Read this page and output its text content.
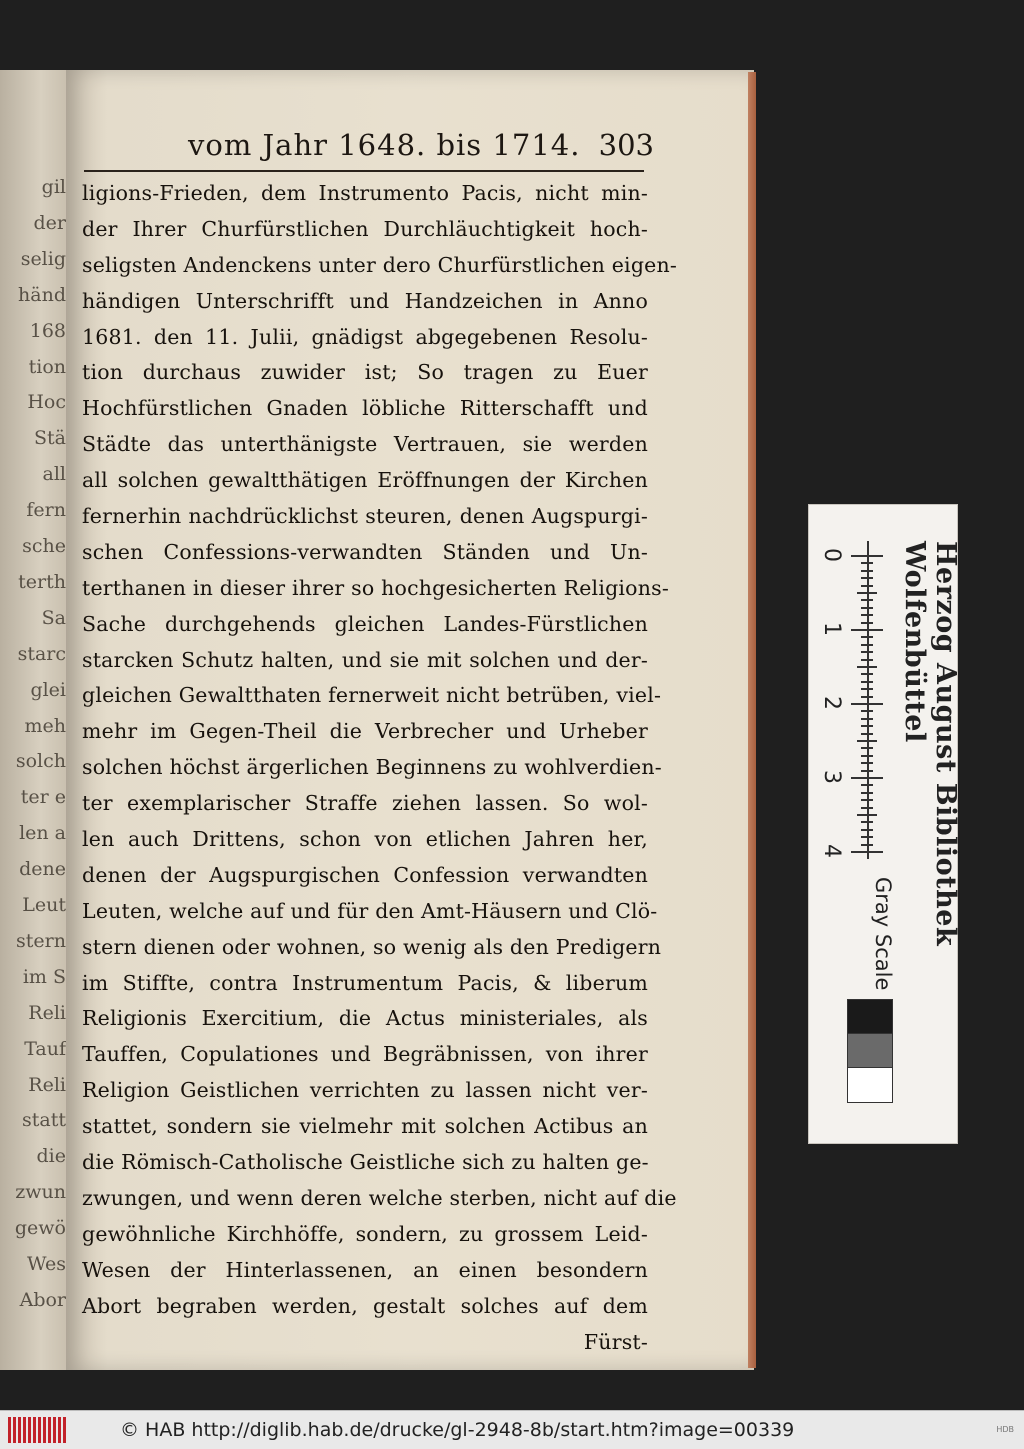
gil
der
selig
händ
168
tion
Hoc
Stä
all
fern
sche
terth
Sa
starc
glei
meh
solch
ter e
len a
dene
Leut
stern
im S
Reli
Tauf
Reli
statt
die
zwun
gewö
Wes
Abor
vom Jahr 1648. bis 1714. 303
ligions-Frieden, dem Instrumento Pacis, nicht min-
der Ihrer Churfürstlichen Durchläuchtigkeit hoch-
seligsten Andenckens unter dero Churfürstlichen eigen-
händigen Unterschrifft und Handzeichen in Anno
1681. den 11. Julii, gnädigst abgegebenen Resolu-
tion durchaus zuwider ist; So tragen zu Euer
Hochfürstlichen Gnaden löbliche Ritterschafft und
Städte das unterthänigste Vertrauen, sie werden
all solchen gewaltthätigen Eröffnungen der Kirchen
fernerhin nachdrücklichst steuren, denen Augspurgi-
schen Confessions-verwandten Ständen und Un-
terthanen in dieser ihrer so hochgesicherten Religions-
Sache durchgehends gleichen Landes-Fürstlichen
starcken Schutz halten, und sie mit solchen und der-
gleichen Gewaltthaten fernerweit nicht betrüben, viel-
mehr im Gegen-Theil die Verbrecher und Urheber
solchen höchst ärgerlichen Beginnens zu wohlverdien-
ter exemplarischer Straffe ziehen lassen. So wol-
len auch Drittens, schon von etlichen Jahren her,
denen der Augspurgischen Confession verwandten
Leuten, welche auf und für den Amt-Häusern und Clö-
stern dienen oder wohnen, so wenig als den Predigern
im Stiffte, contra Instrumentum Pacis, & liberum
Religionis Exercitium, die Actus ministeriales, als
Tauffen, Copulationes und Begräbnissen, von ihrer
Religion Geistlichen verrichten zu lassen nicht ver-
stattet, sondern sie vielmehr mit solchen Actibus an
die Römisch-Catholische Geistliche sich zu halten ge-
zwungen, und wenn deren welche sterben, nicht auf die
gewöhnliche Kirchhöffe, sondern, zu grossem Leid-
Wesen der Hinterlassenen, an einen besondern
Abort begraben werden, gestalt solches auf dem
Fürst-
Herzog August Bibliothek Wolfenbüttel
0
1
2
3
4
Gray Scale
© HAB http://diglib.hab.de/drucke/gl-2948-8b/start.htm?image=00339	HDB
